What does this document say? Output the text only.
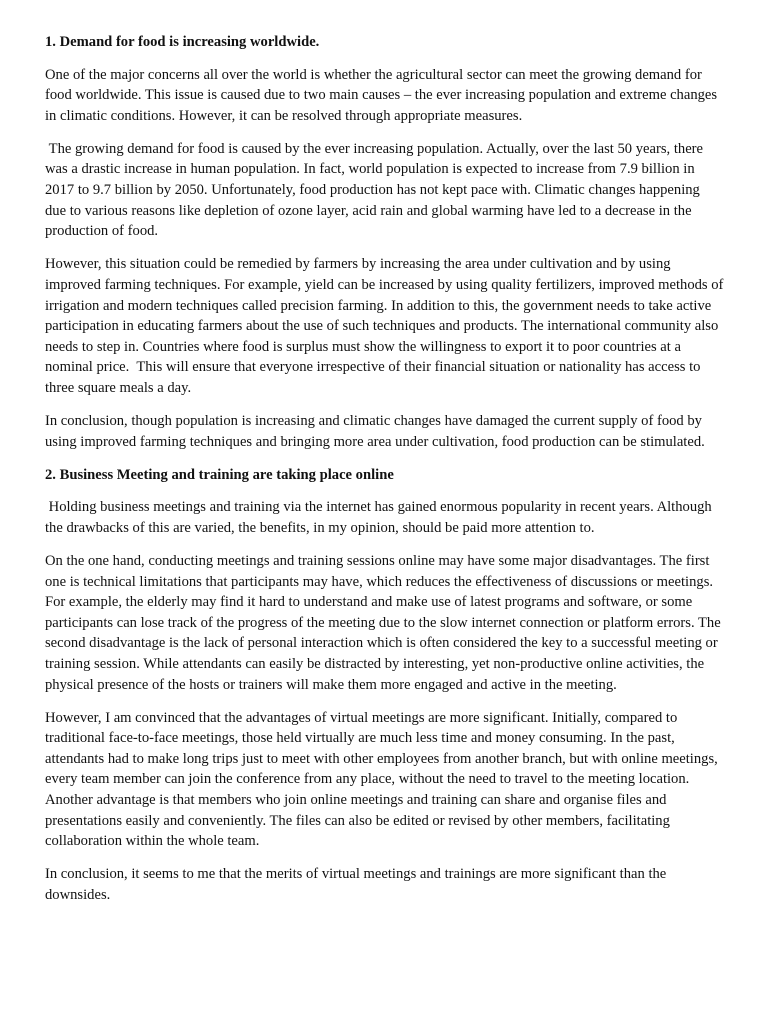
1. Demand for food is increasing worldwide.

One of the major concerns all over the world is whether the agricultural sector can meet the growing demand for food worldwide. This issue is caused due to two main causes – the ever increasing population and extreme changes in climatic conditions. However, it can be resolved through appropriate measures.

The growing demand for food is caused by the ever increasing population. Actually, over the last 50 years, there was a drastic increase in human population. In fact, world population is expected to increase from 7.9 billion in 2017 to 9.7 billion by 2050. Unfortunately, food production has not kept pace with. Climatic changes happening due to various reasons like depletion of ozone layer, acid rain and global warming have led to a decrease in the production of food.

However, this situation could be remedied by farmers by increasing the area under cultivation and by using improved farming techniques. For example, yield can be increased by using quality fertilizers, improved methods of irrigation and modern techniques called precision farming. In addition to this, the government needs to take active participation in educating farmers about the use of such techniques and products. The international community also needs to step in. Countries where food is surplus must show the willingness to export it to poor countries at a nominal price.  This will ensure that everyone irrespective of their financial situation or nationality has access to three square meals a day.

In conclusion, though population is increasing and climatic changes have damaged the current supply of food by using improved farming techniques and bringing more area under cultivation, food production can be stimulated.

2. Business Meeting and training are taking place online

Holding business meetings and training via the internet has gained enormous popularity in recent years. Although the drawbacks of this are varied, the benefits, in my opinion, should be paid more attention to.

On the one hand, conducting meetings and training sessions online may have some major disadvantages. The first one is technical limitations that participants may have, which reduces the effectiveness of discussions or meetings. For example, the elderly may find it hard to understand and make use of latest programs and software, or some participants can lose track of the progress of the meeting due to the slow internet connection or platform errors. The second disadvantage is the lack of personal interaction which is often considered the key to a successful meeting or training session. While attendants can easily be distracted by interesting, yet non-productive online activities, the physical presence of the hosts or trainers will make them more engaged and active in the meeting.

However, I am convinced that the advantages of virtual meetings are more significant. Initially, compared to traditional face-to-face meetings, those held virtually are much less time and money consuming. In the past, attendants had to make long trips just to meet with other employees from another branch, but with online meetings, every team member can join the conference from any place, without the need to travel to the meeting location. Another advantage is that members who join online meetings and training can share and organise files and presentations easily and conveniently. The files can also be edited or revised by other members, facilitating collaboration within the whole team.

In conclusion, it seems to me that the merits of virtual meetings and trainings are more significant than the downsides.
